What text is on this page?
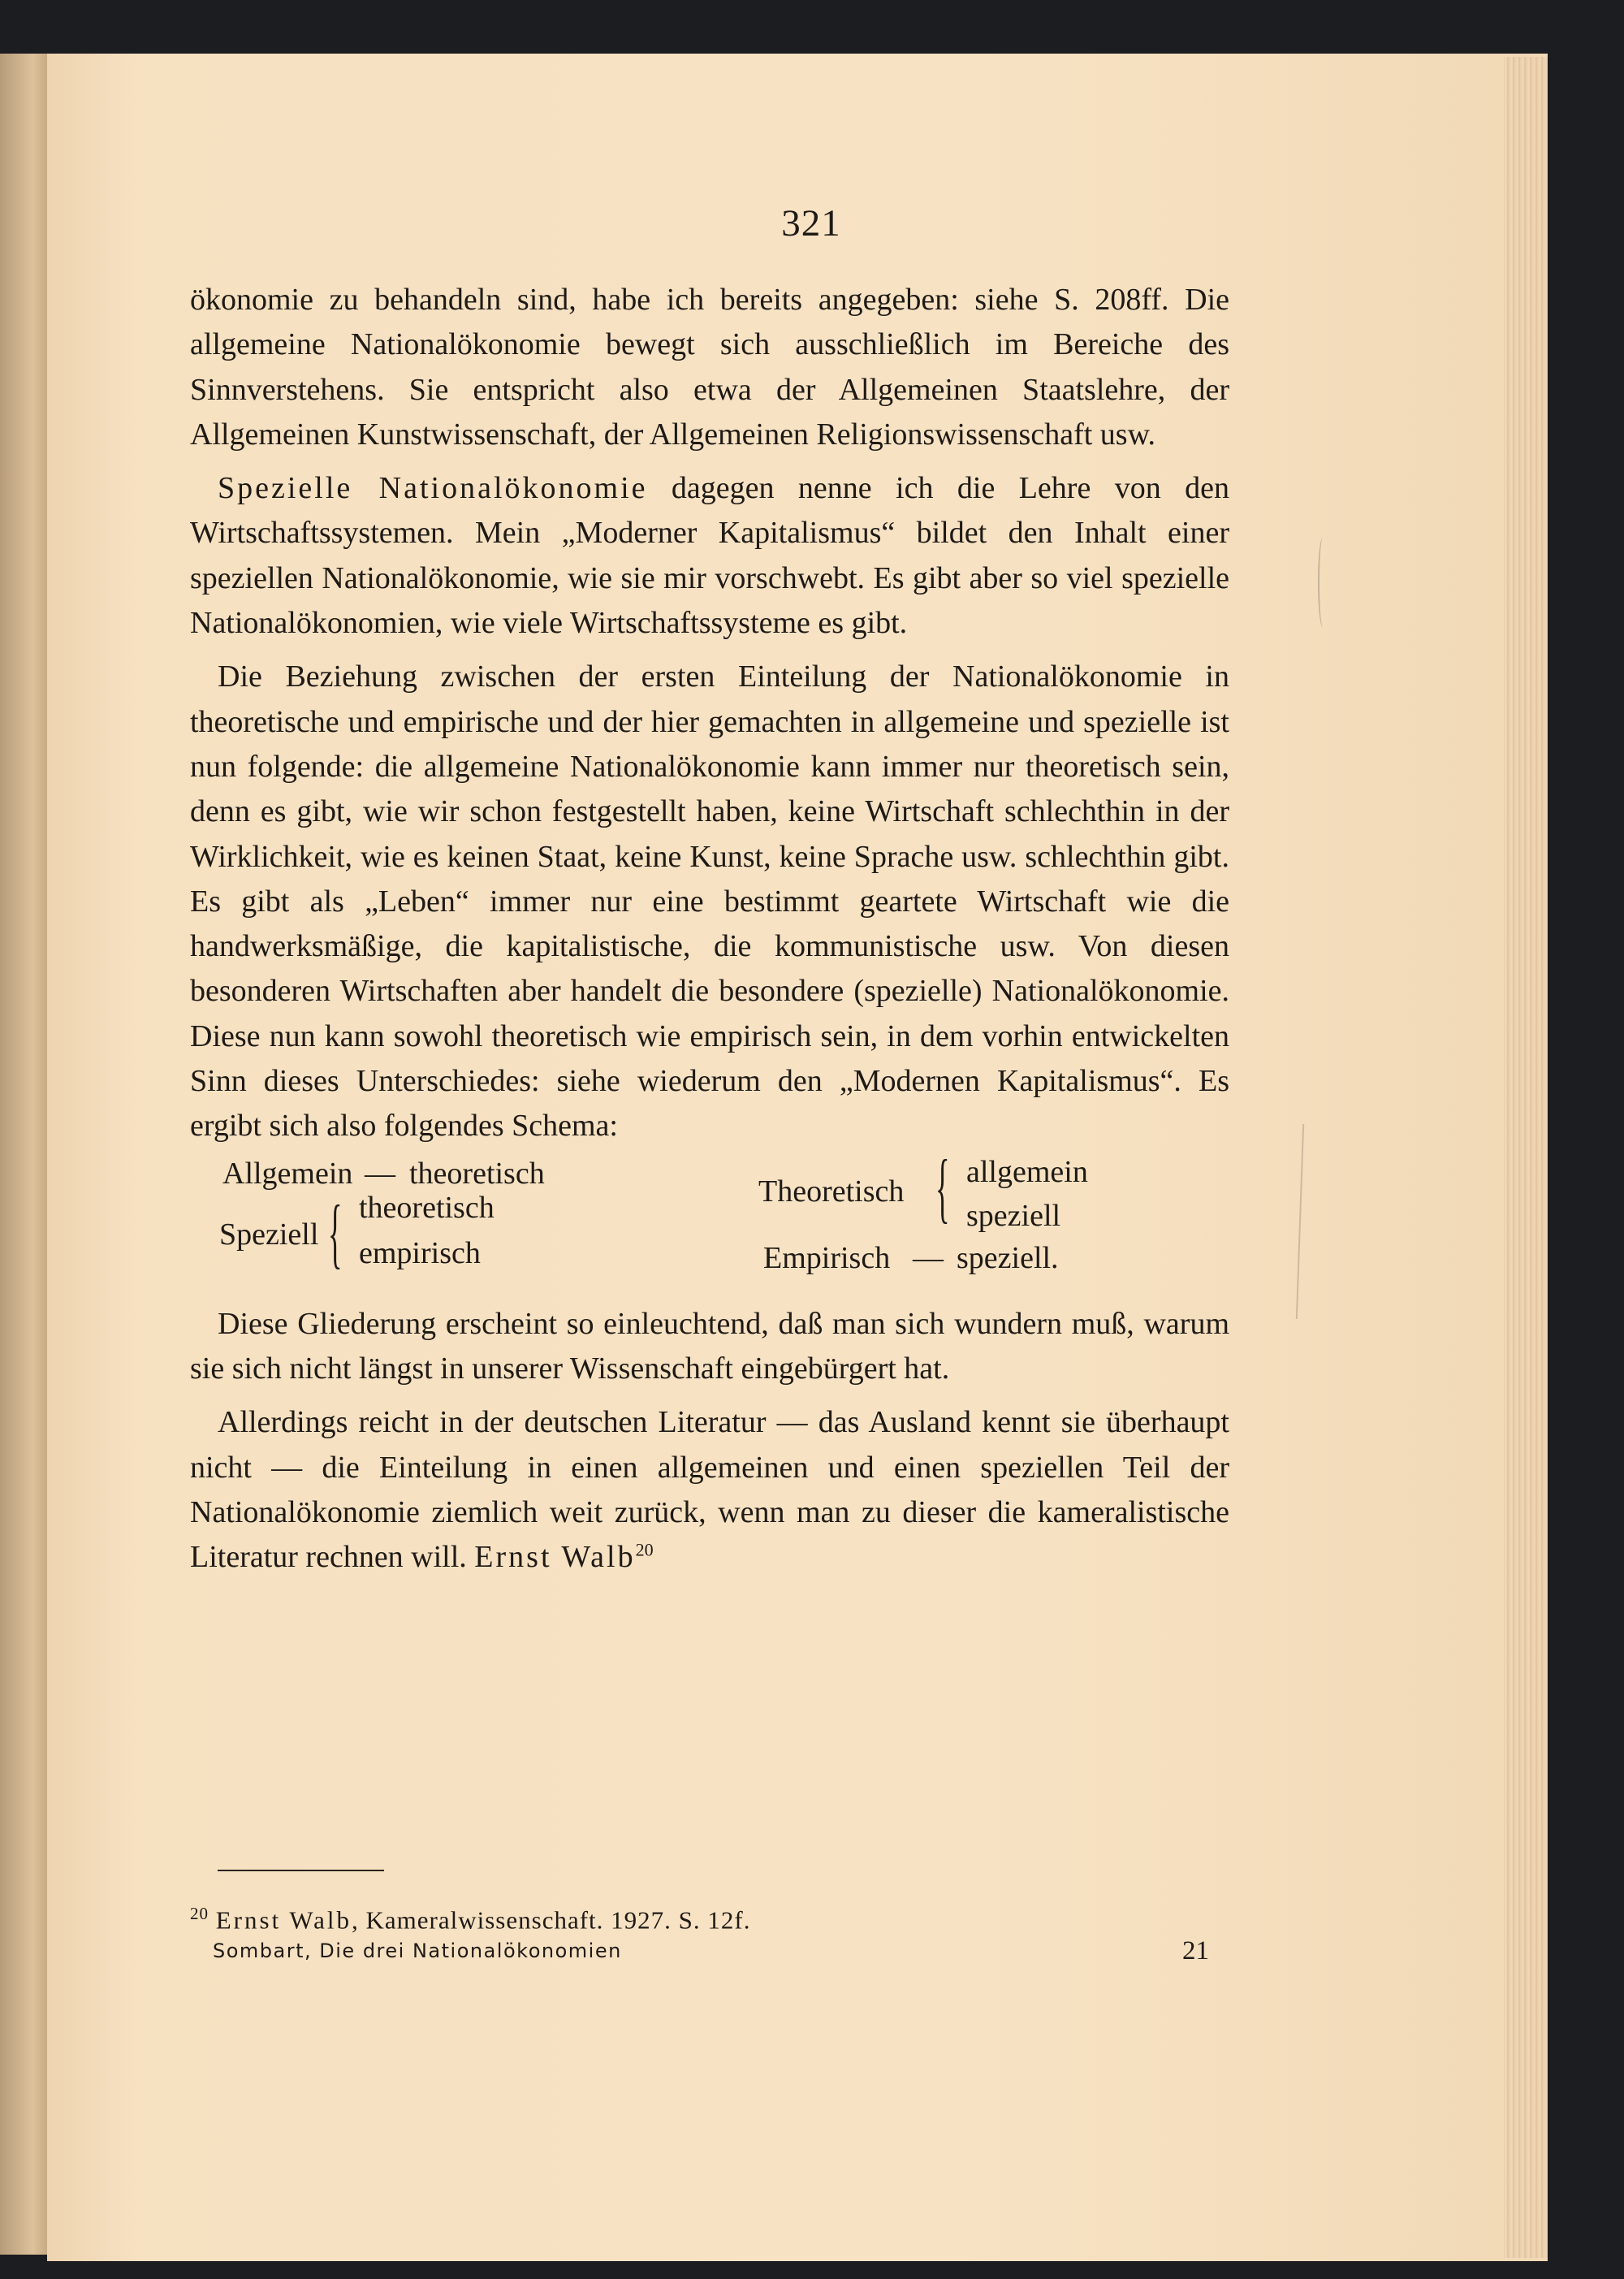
321

ökonomie zu behandeln sind, habe ich bereits angegeben: siehe S. 208ff. Die allgemeine Nationalökonomie bewegt sich ausschließlich im Bereiche des Sinnverstehens. Sie entspricht also etwa der Allgemeinen Staatslehre, der Allgemeinen Kunstwissenschaft, der Allgemeinen Religionswissenschaft usw.

Spezielle Nationalökonomie dagegen nenne ich die Lehre von den Wirtschaftssystemen. Mein „Moderner Kapitalismus“ bildet den Inhalt einer speziellen Nationalökonomie, wie sie mir vorschwebt. Es gibt aber so viel spezielle Nationalökonomien, wie viele Wirtschaftssysteme es gibt.

Die Beziehung zwischen der ersten Einteilung der Nationalökonomie in theoretische und empirische und der hier gemachten in allgemeine und spezielle ist nun folgende: die allgemeine Nationalökonomie kann immer nur theoretisch sein, denn es gibt, wie wir schon festgestellt haben, keine Wirtschaft schlechthin in der Wirklichkeit, wie es keinen Staat, keine Kunst, keine Sprache usw. schlechthin gibt. Es gibt als „Leben“ immer nur eine bestimmt geartete Wirtschaft wie die handwerksmäßige, die kapitalistische, die kommunistische usw. Von diesen besonderen Wirtschaften aber handelt die besondere (spezielle) Nationalökonomie. Diese nun kann sowohl theoretisch wie empirisch sein, in dem vorhin entwickelten Sinn dieses Unterschiedes: siehe wiederum den „Modernen Kapitalismus“. Es ergibt sich also folgendes Schema:

Allgemein — theoretisch
Speziell { theoretisch
empirisch
Theoretisch { allgemein
speziell
Empirisch — speziell.

Diese Gliederung erscheint so einleuchtend, daß man sich wundern muß, warum sie sich nicht längst in unserer Wissenschaft eingebürgert hat.

Allerdings reicht in der deutschen Literatur — das Ausland kennt sie überhaupt nicht — die Einteilung in einen allgemeinen und einen speziellen Teil der Nationalökonomie ziemlich weit zurück, wenn man zu dieser die kameralistische Literatur rechnen will. Ernst Walb$^{20}$

$^{20}$ Ernst Walb, Kameralwissenschaft. 1927. S. 12f.
Sombart, Die drei Nationalökonomien	21
